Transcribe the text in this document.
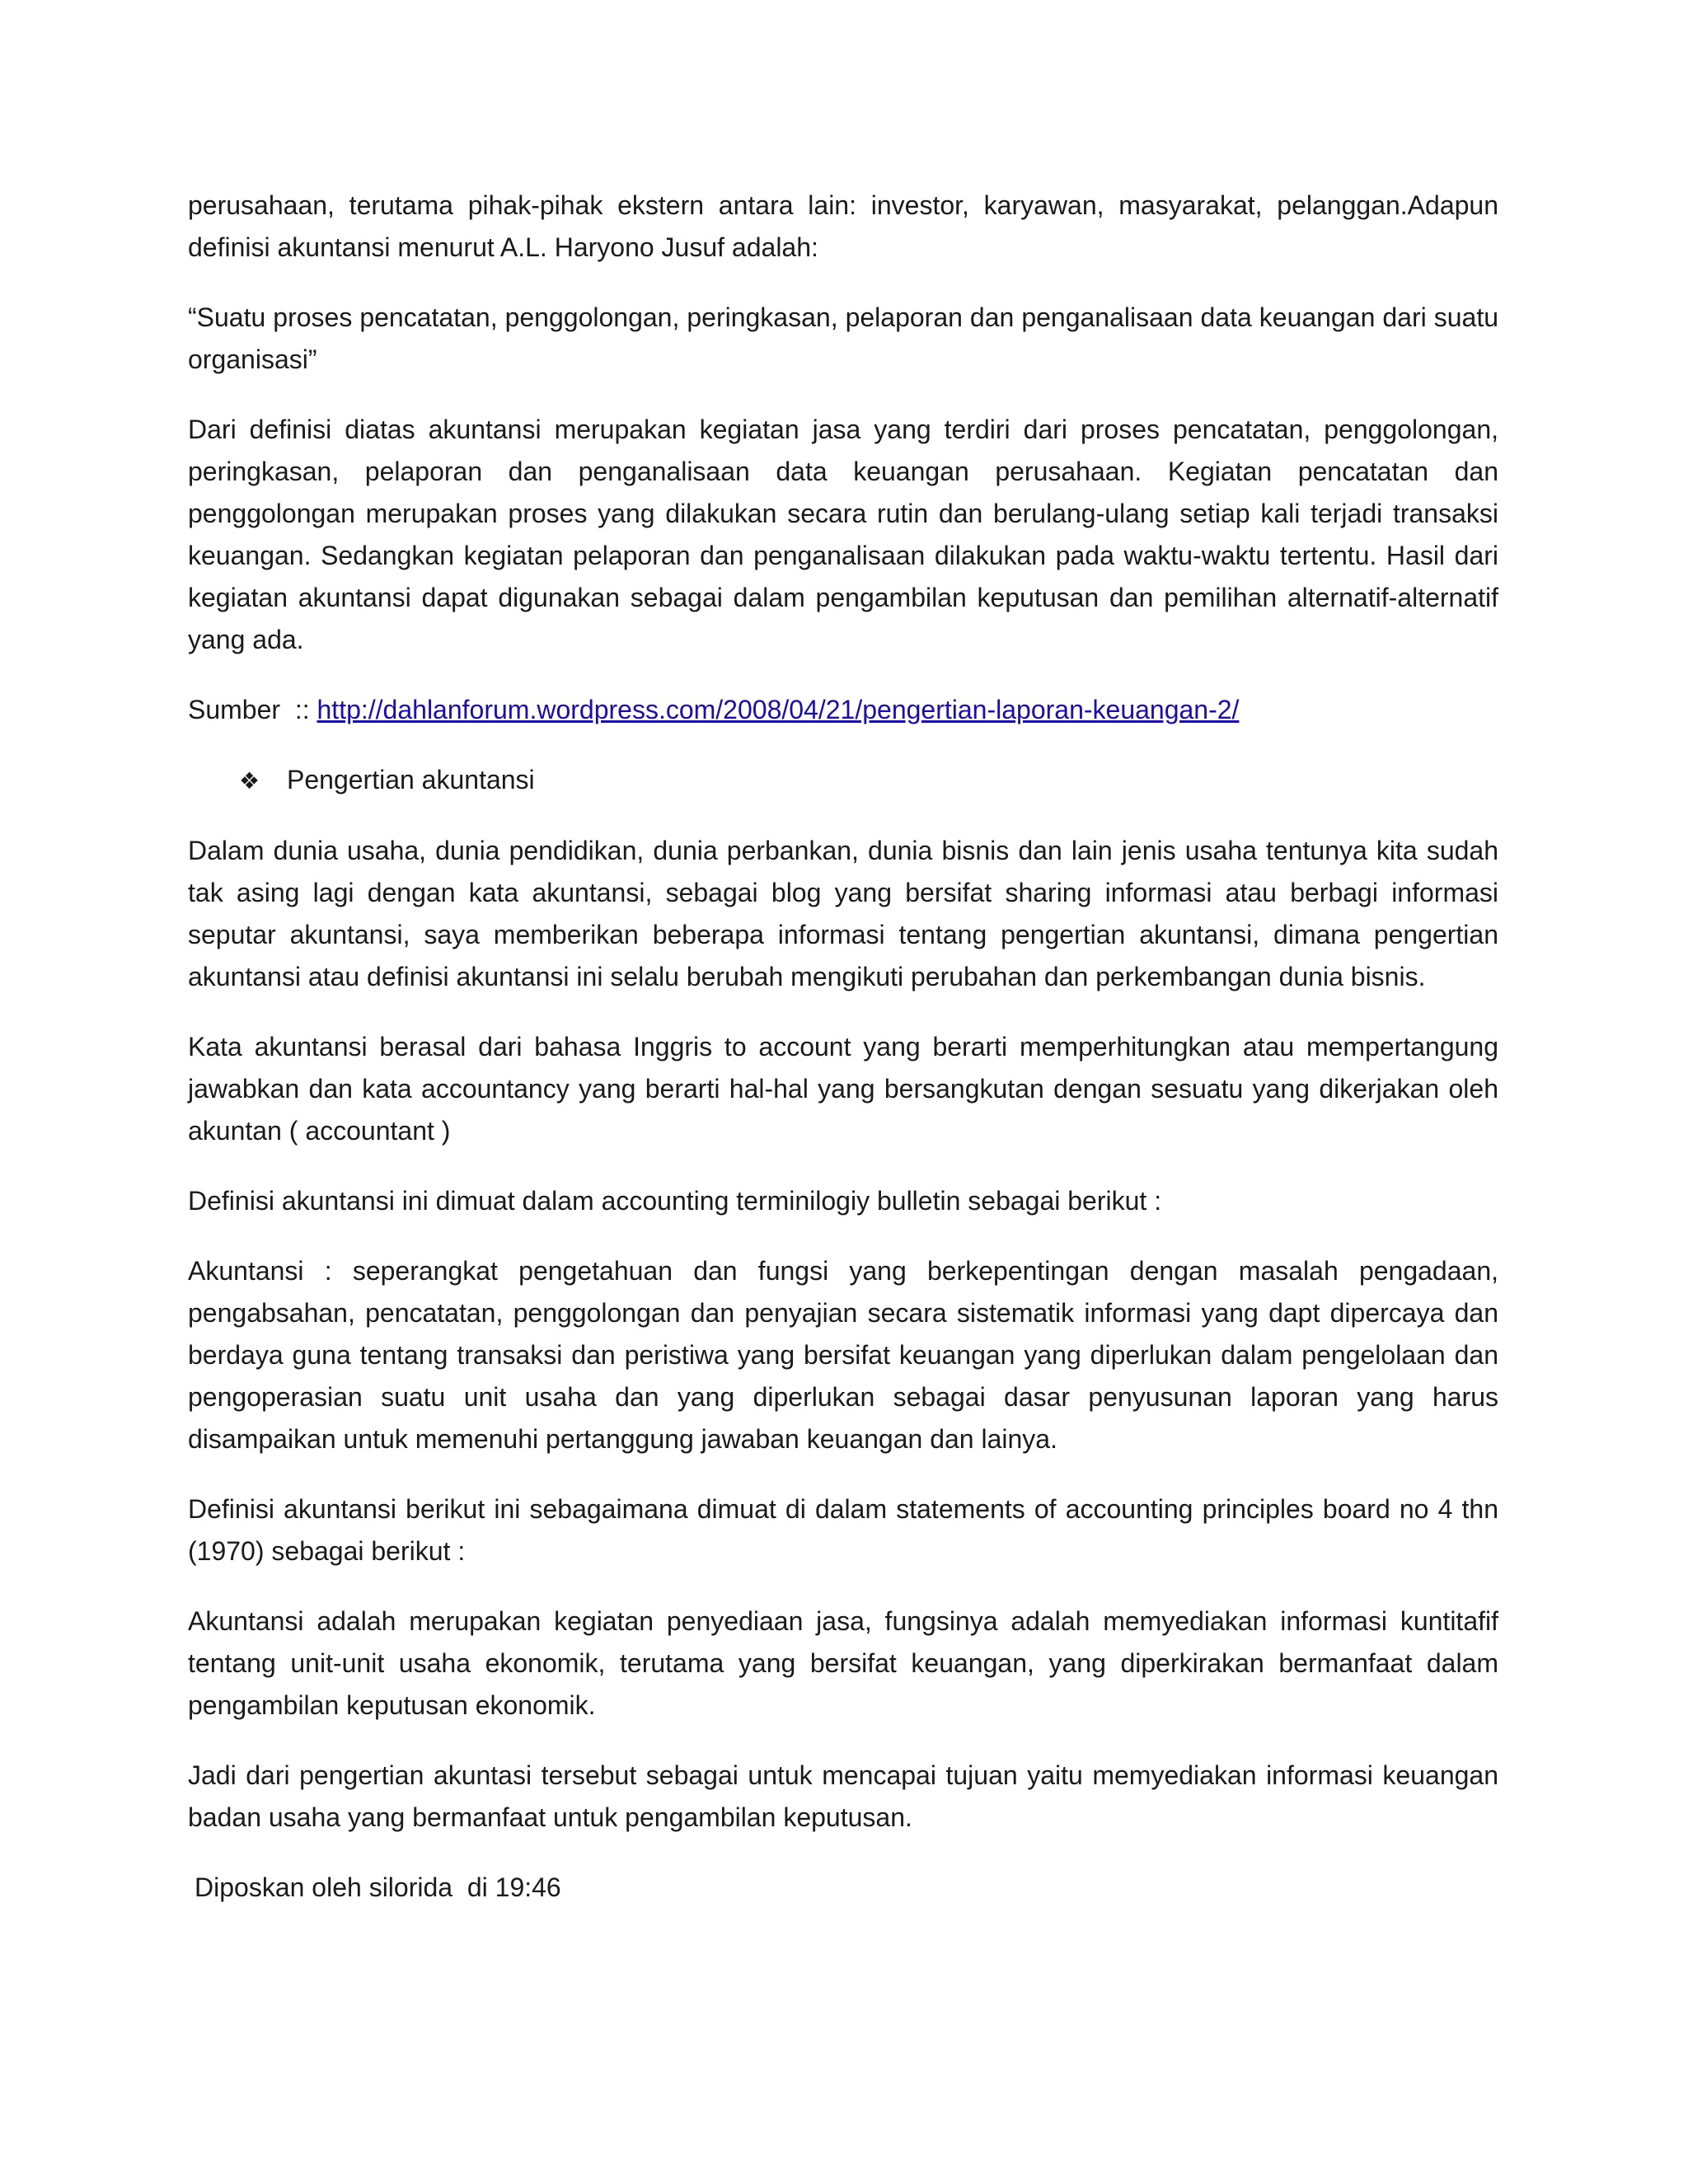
perusahaan, terutama pihak-pihak ekstern antara lain: investor, karyawan, masyarakat, pelanggan.Adapun definisi akuntansi menurut A.L. Haryono Jusuf adalah:

“Suatu proses pencatatan, penggolongan, peringkasan, pelaporan dan penganalisaan data keuangan dari suatu organisasi”

Dari definisi diatas akuntansi merupakan kegiatan jasa yang terdiri dari proses pencatatan, penggolongan, peringkasan, pelaporan dan penganalisaan data keuangan perusahaan. Kegiatan pencatatan dan penggolongan merupakan proses yang dilakukan secara rutin dan berulang-ulang setiap kali terjadi transaksi keuangan. Sedangkan kegiatan pelaporan dan penganalisaan dilakukan pada waktu-waktu tertentu. Hasil dari kegiatan akuntansi dapat digunakan sebagai dalam pengambilan keputusan dan pemilihan alternatif-alternatif yang ada.

Sumber  :: http://dahlanforum.wordpress.com/2008/04/21/pengertian-laporan-keuangan-2/

❖	Pengertian akuntansi

Dalam dunia usaha, dunia pendidikan, dunia perbankan, dunia bisnis dan lain jenis usaha tentunya kita sudah tak asing lagi dengan kata akuntansi, sebagai blog yang bersifat sharing informasi atau berbagi informasi seputar akuntansi, saya memberikan beberapa informasi tentang pengertian akuntansi, dimana pengertian akuntansi atau definisi akuntansi ini selalu berubah mengikuti perubahan dan perkembangan dunia bisnis.

Kata akuntansi berasal dari bahasa Inggris to account yang berarti memperhitungkan atau mempertangung jawabkan dan kata accountancy yang berarti hal-hal yang bersangkutan dengan sesuatu yang dikerjakan oleh akuntan ( accountant )

Definisi akuntansi ini dimuat dalam accounting terminilogiy bulletin sebagai berikut :

Akuntansi : seperangkat pengetahuan dan fungsi yang berkepentingan dengan masalah pengadaan, pengabsahan, pencatatan, penggolongan dan penyajian secara sistematik informasi yang dapt dipercaya dan berdaya guna tentang transaksi dan peristiwa yang bersifat keuangan yang diperlukan dalam pengelolaan dan pengoperasian suatu unit usaha dan yang diperlukan sebagai dasar penyusunan laporan yang harus disampaikan untuk memenuhi pertanggung jawaban keuangan dan lainya.

Definisi akuntansi berikut ini sebagaimana dimuat di dalam statements of accounting principles board no 4 thn (1970) sebagai berikut :

Akuntansi adalah merupakan kegiatan penyediaan jasa, fungsinya adalah memyediakan informasi kuntitafif tentang unit-unit usaha ekonomik, terutama yang bersifat keuangan, yang diperkirakan bermanfaat dalam pengambilan keputusan ekonomik.

Jadi dari pengertian akuntasi tersebut sebagai untuk mencapai tujuan yaitu memyediakan informasi keuangan badan usaha yang bermanfaat untuk pengambilan keputusan.

Diposkan oleh silorida  di 19:46
